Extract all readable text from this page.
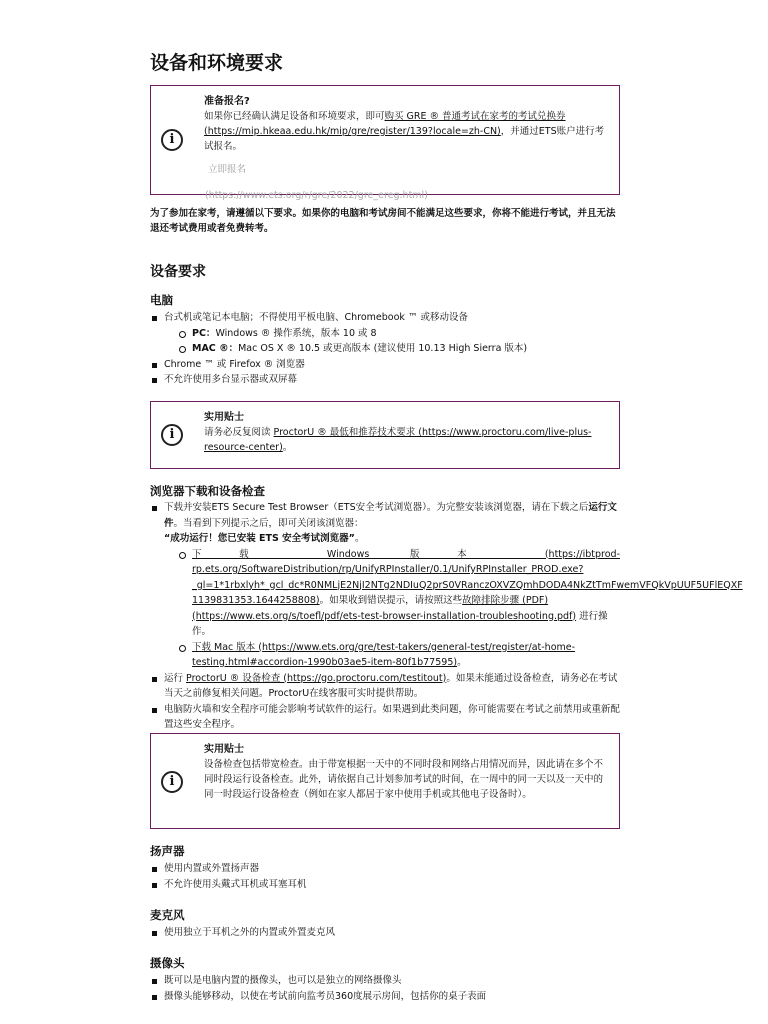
设备和环境要求
i
准备报名?
如果你已经确认满足设备和环境要求，即可购买 GRE ® 普通考试在家考的考试兑换券 (https://mip.hkeaa.edu.hk/mip/gre/register/139?locale=zh-CN)，并通过ETS账户进行考试报名。
立即报名
(https://www.ets.org/r/gre/2022/gre_ereg.html)
为了参加在家考，请遵循以下要求。如果你的电脑和考试房间不能满足这些要求，你将不能进行考试，并且无法退还考试费用或者免费转考。
设备要求
电脑
台式机或笔记本电脑；不得使用平板电脑、Chromebook ™ 或移动设备
PC：Windows ® 操作系统，版本 10 或 8
MAC ®：Mac OS X ® 10.5 或更高版本 (建议使用 10.13 High Sierra 版本)
Chrome ™ 或 Firefox ® 浏览器
不允许使用多台显示器或双屏幕
i
实用贴士
请务必反复阅读 ProctorU ® 最低和推荐技术要求 (https://www.proctoru.com/live-plus-resource-center)。
浏览器下载和设备检查
下载并安装ETS Secure Test Browser（ETS安全考试浏览器）。为完整安装该浏览器，请在下载之后运行文件。当看到下列提示之后，即可关闭该浏览器：
“成功运行！您已安装 ETS 安全考试浏览器”。
下载 Windows 版本 (https://ibtprod-
rp.ets.org/SoftwareDistribution/rp/UnifyRPInstaller/0.1/UnifyRPInstaller_PROD.exe?
_gl=1*1rbxlyh*_gcl_dc*R0NMLjE2NjI2NTg2NDIuQ2prS0VRanczOXVZQmhDODA4NkZtTmFwemVFQkVpUUF5UFlEQXF
1139831353.1644258808)。如果收到错误提示，请按照这些故障排除步骤 (PDF) (https://www.ets.org/s/toefl/pdf/ets-test-browser-installation-troubleshooting.pdf) 进行操作。
下载 Mac 版本 (https://www.ets.org/gre/test-takers/general-test/register/at-home-testing.html#accordion-1990b03ae5-item-80f1b77595)。
运行 ProctorU ® 设备检查 (https://go.proctoru.com/testitout)。如果未能通过设备检查，请务必在考试当天之前修复相关问题。ProctorU在线客服可实时提供帮助。
电脑防火墙和安全程序可能会影响考试软件的运行。如果遇到此类问题，你可能需要在考试之前禁用或重新配置这些安全程序。
i
实用贴士
设备检查包括带宽检查。由于带宽根据一天中的不同时段和网络占用情况而异，因此请在多个不同时段运行设备检查。此外，请依据自己计划参加考试的时间，在一周中的同一天以及一天中的同一时段运行设备检查（例如在家人都居于家中使用手机或其他电子设备时）。
扬声器
使用内置或外置扬声器
不允许使用头戴式耳机或耳塞耳机
麦克风
使用独立于耳机之外的内置或外置麦克风
摄像头
既可以是电脑内置的摄像头，也可以是独立的网络摄像头
摄像头能够移动，以使在考试前向监考员360度展示房间，包括你的桌子表面
